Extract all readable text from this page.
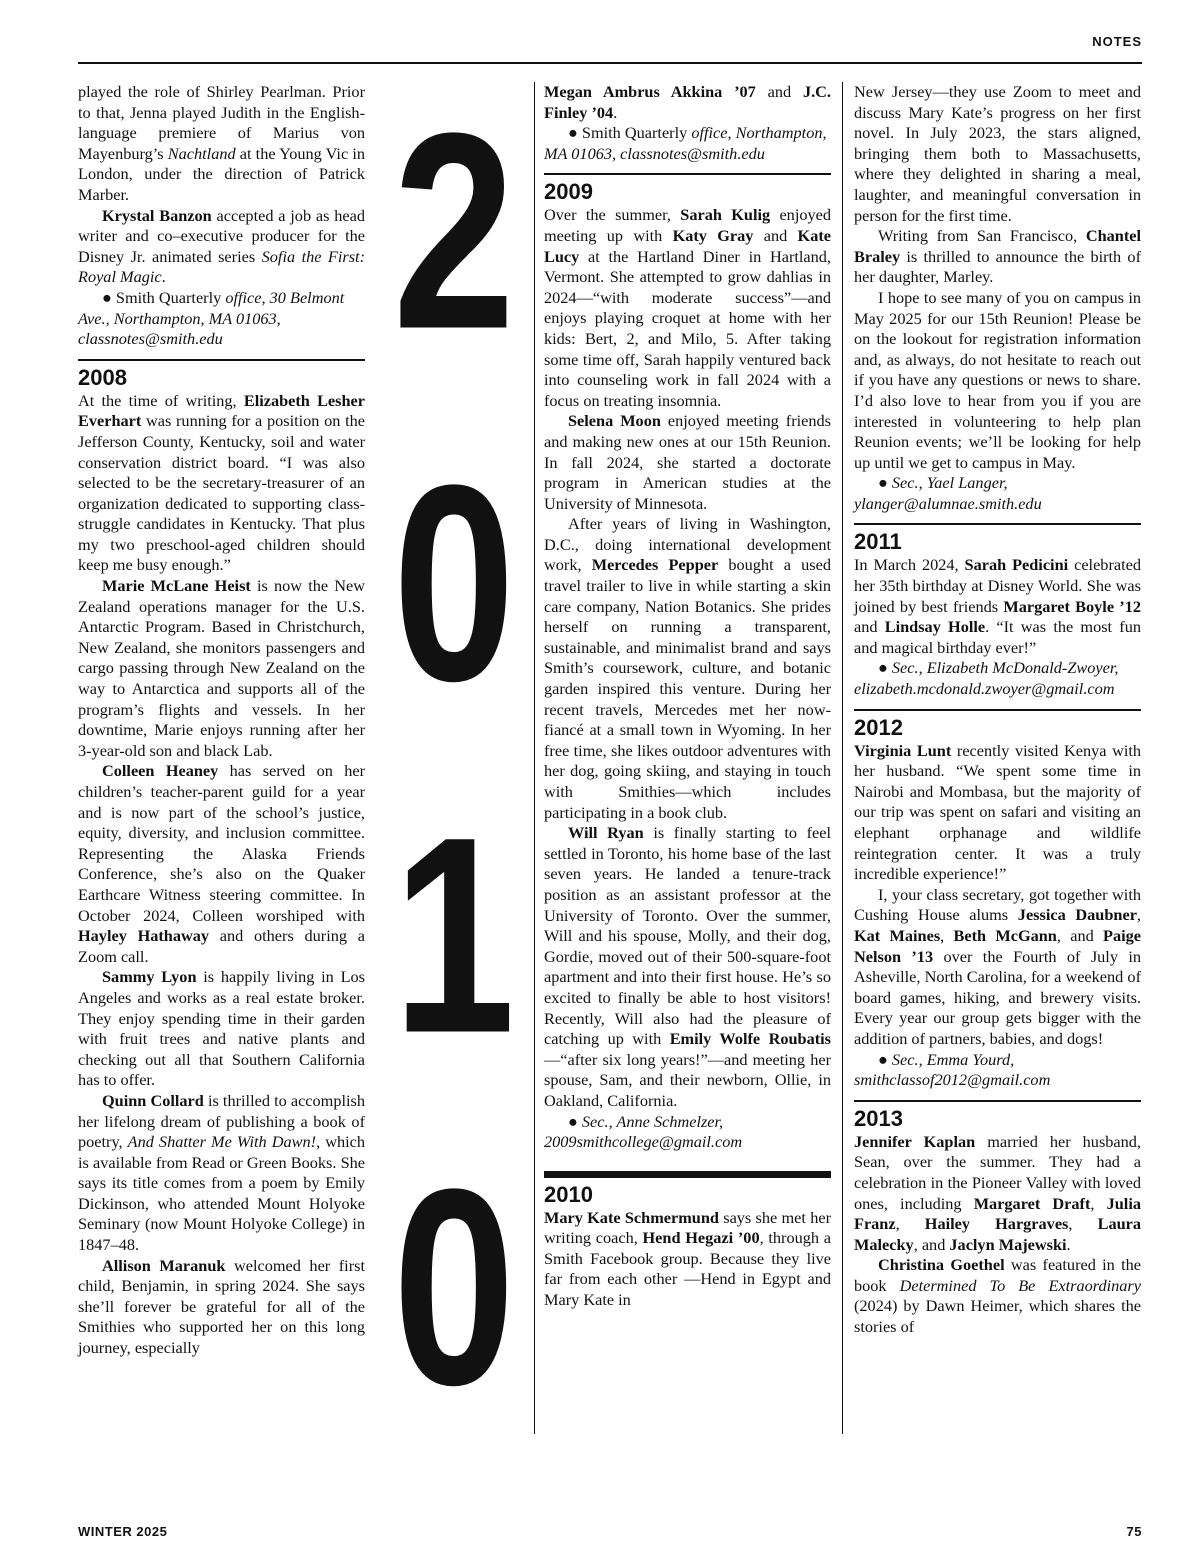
NOTES

played the role of Shirley Pearlman. Prior to that, Jenna played Judith in the English-language premiere of Marius von Mayenburg’s Nachtland at the Young Vic in London, under the direction of Patrick Marber.

Krystal Banzon accepted a job as head writer and co–executive producer for the Disney Jr. animated series Sofia the First: Royal Magic.

● Smith Quarterly office, 30 Belmont Ave., Northampton, MA 01063, classnotes@smith.edu

2008

At the time of writing, Elizabeth Lesher Everhart was running for a position on the Jefferson County, Kentucky, soil and water conservation district board. “I was also selected to be the secretary-treasurer of an organization dedicated to supporting class-struggle candidates in Kentucky. That plus my two preschool-aged children should keep me busy enough.”

Marie McLane Heist is now the New Zealand operations manager for the U.S. Antarctic Program. Based in Christchurch, New Zealand, she monitors passengers and cargo passing through New Zealand on the way to Antarctica and supports all of the program’s flights and vessels. In her downtime, Marie enjoys running after her 3-year-old son and black Lab.

Colleen Heaney has served on her children’s teacher-parent guild for a year and is now part of the school’s justice, equity, diversity, and inclusion committee. Representing the Alaska Friends Conference, she’s also on the Quaker Earthcare Witness steering committee. In October 2024, Colleen worshiped with Hayley Hathaway and others during a Zoom call.

Sammy Lyon is happily living in Los Angeles and works as a real estate broker. They enjoy spending time in their garden with fruit trees and native plants and checking out all that Southern California has to offer.

Quinn Collard is thrilled to accomplish her lifelong dream of publishing a book of poetry, And Shatter Me With Dawn!, which is available from Read or Green Books. She says its title comes from a poem by Emily Dickinson, who attended Mount Holyoke Seminary (now Mount Holyoke College) in 1847–48.

Allison Maranuk welcomed her first child, Benjamin, in spring 2024. She says she’ll forever be grateful for all of the Smithies who supported her on this long journey, especially

2
0
1
0

Megan Ambrus Akkina ’07 and J.C. Finley ’04.

● Smith Quarterly office, Northampton, MA 01063, classnotes@smith.edu

2009

Over the summer, Sarah Kulig enjoyed meeting up with Katy Gray and Kate Lucy at the Hartland Diner in Hartland, Vermont. She attempted to grow dahlias in 2024—“with moderate success”—and enjoys playing croquet at home with her kids: Bert, 2, and Milo, 5. After taking some time off, Sarah happily ventured back into counseling work in fall 2024 with a focus on treating insomnia.

Selena Moon enjoyed meeting friends and making new ones at our 15th Reunion. In fall 2024, she started a doctorate program in American studies at the University of Minnesota.

After years of living in Washington, D.C., doing international development work, Mercedes Pepper bought a used travel trailer to live in while starting a skin care company, Nation Botanics. She prides herself on running a transparent, sustainable, and minimalist brand and says Smith’s coursework, culture, and botanic garden inspired this venture. During her recent travels, Mercedes met her now-fiancé at a small town in Wyoming. In her free time, she likes outdoor adventures with her dog, going skiing, and staying in touch with Smithies—which includes participating in a book club.

Will Ryan is finally starting to feel settled in Toronto, his home base of the last seven years. He landed a tenure-track position as an assistant professor at the University of Toronto. Over the summer, Will and his spouse, Molly, and their dog, Gordie, moved out of their 500-square-foot apartment and into their first house. He’s so excited to finally be able to host visitors! Recently, Will also had the pleasure of catching up with Emily Wolfe Roubatis—“after six long years!”—and meeting her spouse, Sam, and their newborn, Ollie, in Oakland, California.

● Sec., Anne Schmelzer, 2009smithcollege@gmail.com

2010

Mary Kate Schmermund says she met her writing coach, Hend Hegazi ’00, through a Smith Facebook group. Because they live far from each other —Hend in Egypt and Mary Kate in

New Jersey—they use Zoom to meet and discuss Mary Kate’s progress on her first novel. In July 2023, the stars aligned, bringing them both to Massachusetts, where they delighted in sharing a meal, laughter, and meaningful conversation in person for the first time.

Writing from San Francisco, Chantel Braley is thrilled to announce the birth of her daughter, Marley.

I hope to see many of you on campus in May 2025 for our 15th Reunion! Please be on the lookout for registration information and, as always, do not hesitate to reach out if you have any questions or news to share. I’d also love to hear from you if you are interested in volunteering to help plan Reunion events; we’ll be looking for help up until we get to campus in May.

● Sec., Yael Langer, ylanger@alumnae.smith.edu

2011

In March 2024, Sarah Pedicini celebrated her 35th birthday at Disney World. She was joined by best friends Margaret Boyle ’12 and Lindsay Holle. “It was the most fun and magical birthday ever!”

● Sec., Elizabeth McDonald-Zwoyer, elizabeth.mcdonald.zwoyer@gmail.com

2012

Virginia Lunt recently visited Kenya with her husband. “We spent some time in Nairobi and Mombasa, but the majority of our trip was spent on safari and visiting an elephant orphanage and wildlife reintegration center. It was a truly incredible experience!”

I, your class secretary, got together with Cushing House alums Jessica Daubner, Kat Maines, Beth McGann, and Paige Nelson ’13 over the Fourth of July in Asheville, North Carolina, for a weekend of board games, hiking, and brewery visits. Every year our group gets bigger with the addition of partners, babies, and dogs!

● Sec., Emma Yourd, smithclassof2012@gmail.com

2013

Jennifer Kaplan married her husband, Sean, over the summer. They had a celebration in the Pioneer Valley with loved ones, including Margaret Draft, Julia Franz, Hailey Hargraves, Laura Malecky, and Jaclyn Majewski.

Christina Goethel was featured in the book Determined To Be Extraordinary (2024) by Dawn Heimer, which shares the stories of

WINTER 2025	75
